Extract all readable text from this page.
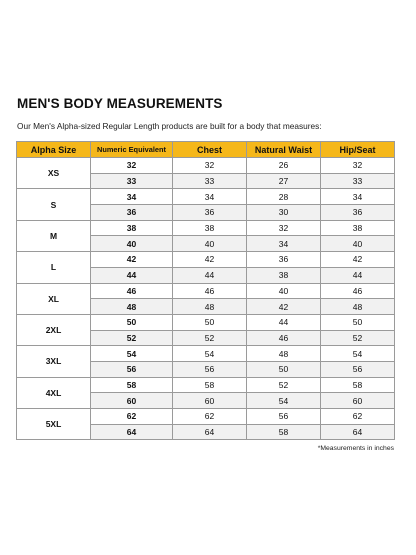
MEN'S BODY MEASUREMENTS
Our Men's Alpha-sized Regular Length products are built for a body that measures:
Alpha Size	Numeric Equivalent	Chest	Natural Waist	Hip/Seat
XS	32	32	26	32
	33	33	27	33
S	34	34	28	34
	36	36	30	36
M	38	38	32	38
	40	40	34	40
L	42	42	36	42
	44	44	38	44
XL	46	46	40	46
	48	48	42	48
2XL	50	50	44	50
	52	52	46	52
3XL	54	54	48	54
	56	56	50	56
4XL	58	58	52	58
	60	60	54	60
5XL	62	62	56	62
	64	64	58	64
*Measurements in inches
